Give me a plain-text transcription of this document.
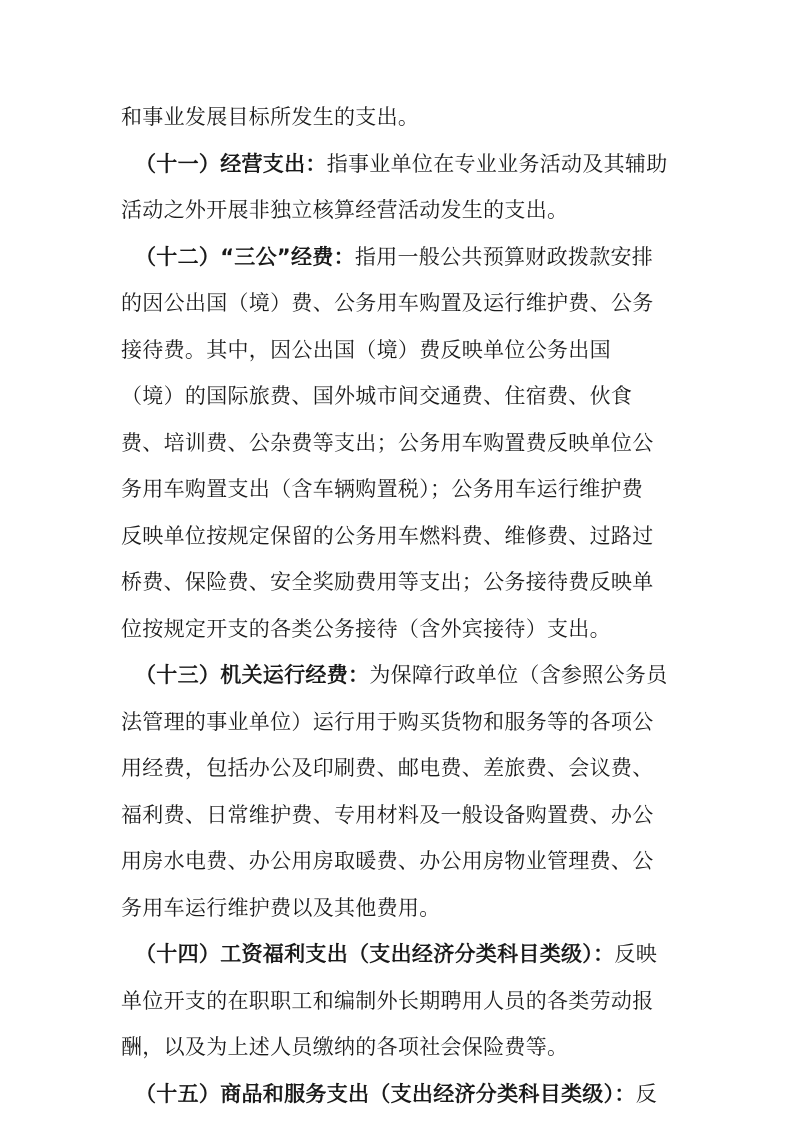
和事业发展目标所发生的支出。
（十一）经营支出：指事业单位在专业业务活动及其辅助
活动之外开展非独立核算经营活动发生的支出。
（十二）“三公”经费：指用一般公共预算财政拨款安排
的因公出国（境）费、公务用车购置及运行维护费、公务
接待费。其中，因公出国（境）费反映单位公务出国
（境）的国际旅费、国外城市间交通费、住宿费、伙食
费、培训费、公杂费等支出；公务用车购置费反映单位公
务用车购置支出（含车辆购置税）；公务用车运行维护费
反映单位按规定保留的公务用车燃料费、维修费、过路过
桥费、保险费、安全奖励费用等支出；公务接待费反映单
位按规定开支的各类公务接待（含外宾接待）支出。
（十三）机关运行经费：为保障行政单位（含参照公务员
法管理的事业单位）运行用于购买货物和服务等的各项公
用经费，包括办公及印刷费、邮电费、差旅费、会议费、
福利费、日常维护费、专用材料及一般设备购置费、办公
用房水电费、办公用房取暖费、办公用房物业管理费、公
务用车运行维护费以及其他费用。
（十四）工资福利支出（支出经济分类科目类级）：反映
单位开支的在职职工和编制外长期聘用人员的各类劳动报
酬，以及为上述人员缴纳的各项社会保险费等。
（十五）商品和服务支出（支出经济分类科目类级）：反
